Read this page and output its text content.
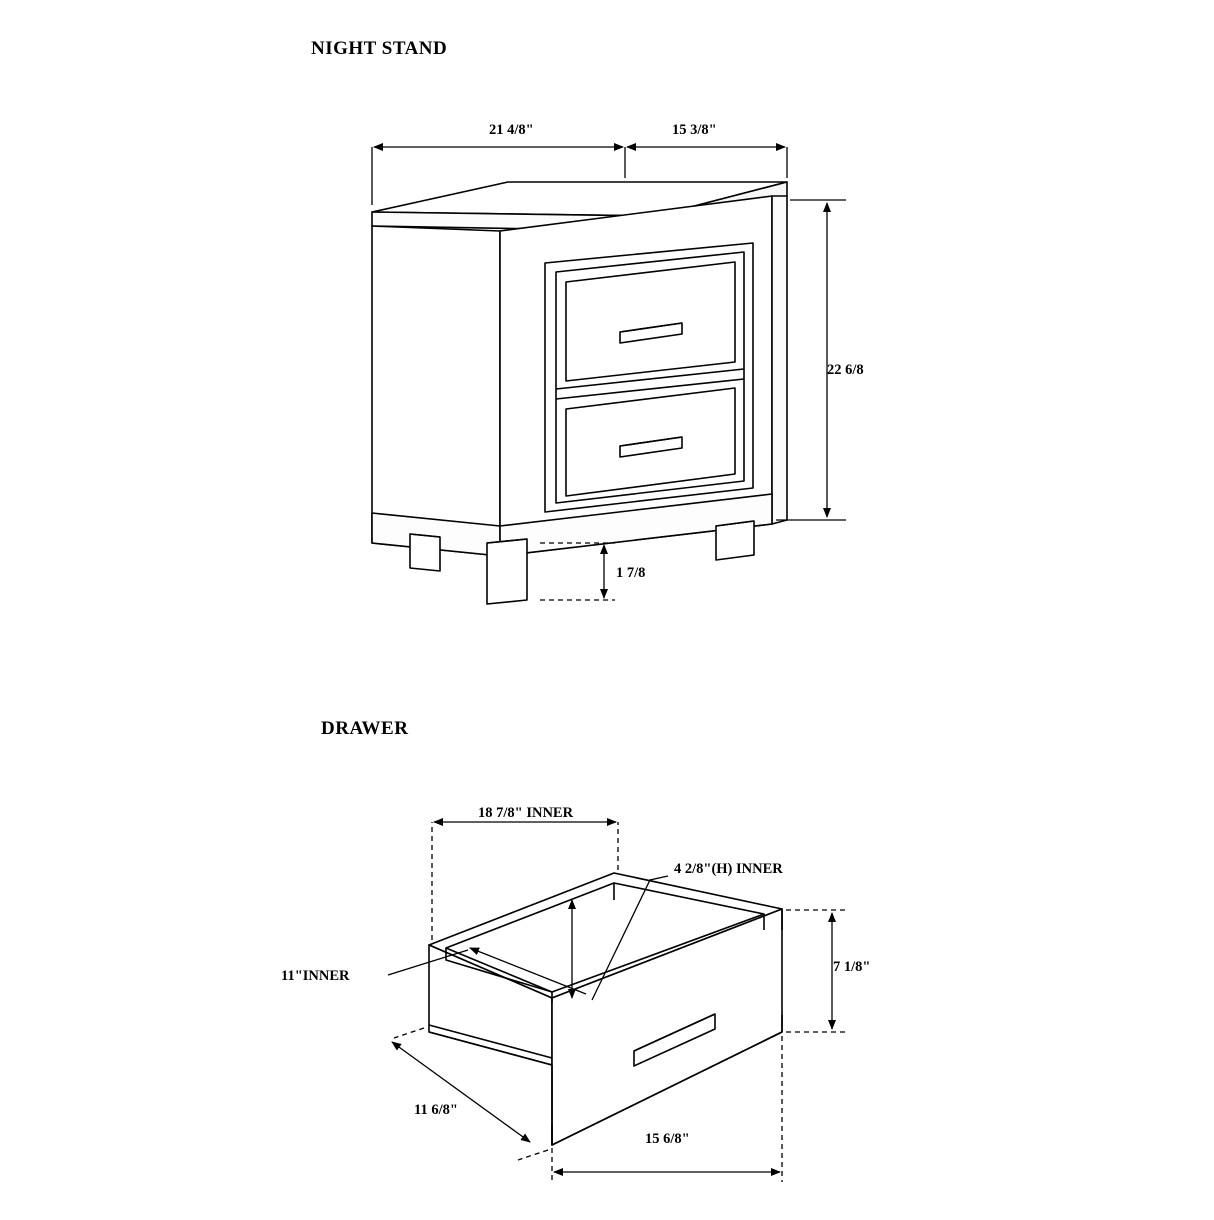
NIGHT STAND
DRAWER
21 4/8"	15 3/8"
22 6/8
1 7/8
18 7/8" INNER
4 2/8"(H) INNER
11"INNER
7 1/8"
11 6/8"
15 6/8"
